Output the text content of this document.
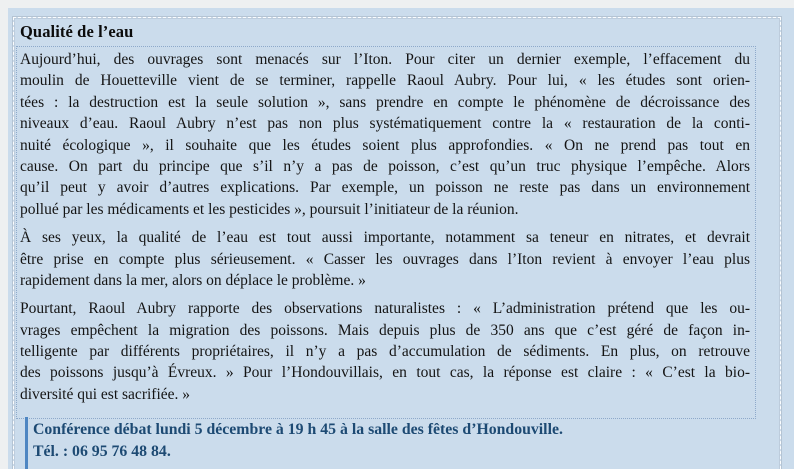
Qualité de l’eau
Aujourd’hui, des ouvrages sont menacés sur l’Iton. Pour citer un dernier exemple, l’effacement du
moulin de Houetteville vient de se terminer, rappelle Raoul Aubry. Pour lui, « les études sont orien-
tées : la destruction est la seule solution », sans prendre en compte le phénomène de décroissance des
niveaux d’eau. Raoul Aubry n’est pas non plus systématiquement contre la « restauration de la conti-
nuité écologique », il souhaite que les études soient plus approfondies. « On ne prend pas tout en
cause. On part du principe que s’il n’y a pas de poisson, c’est qu’un truc physique l’empêche. Alors
qu’il peut y avoir d’autres explications. Par exemple, un poisson ne reste pas dans un environnement
pollué par les médicaments et les pesticides », poursuit l’initiateur de la réunion.
À ses yeux, la qualité de l’eau est tout aussi importante, notamment sa teneur en nitrates, et devrait
être prise en compte plus sérieusement. « Casser les ouvrages dans l’Iton revient à envoyer l’eau plus
rapidement dans la mer, alors on déplace le problème. »
Pourtant, Raoul Aubry rapporte des observations naturalistes : « L’administration prétend que les ou-
vrages empêchent la migration des poissons. Mais depuis plus de 350 ans que c’est géré de façon in-
telligente par différents propriétaires, il n’y a pas d’accumulation de sédiments. En plus, on retrouve
des poissons jusqu’à Évreux. » Pour l’Hondouvillais, en tout cas, la réponse est claire : « C’est la bio-
diversité qui est sacrifiée. »
Conférence débat lundi 5 décembre à 19 h 45 à la salle des fêtes d’Hondouville.
Tél. : 06 95 76 48 84.
